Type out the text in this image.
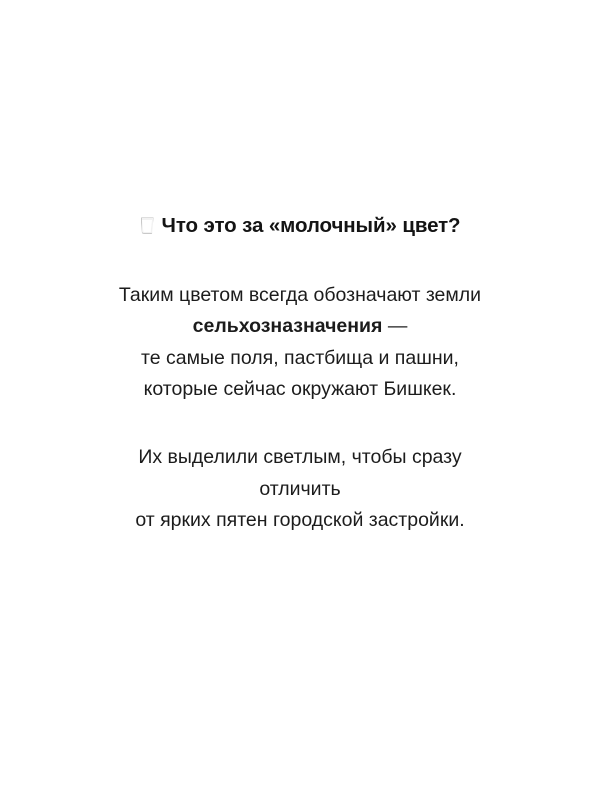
Что это за «молочный» цвет?
Таким цветом всегда обозначают земли
сельхозназначения —
те самые поля, пастбища и пашни,
которые сейчас окружают Бишкек.
Их выделили светлым, чтобы сразу
отличить
от ярких пятен городской застройки.
